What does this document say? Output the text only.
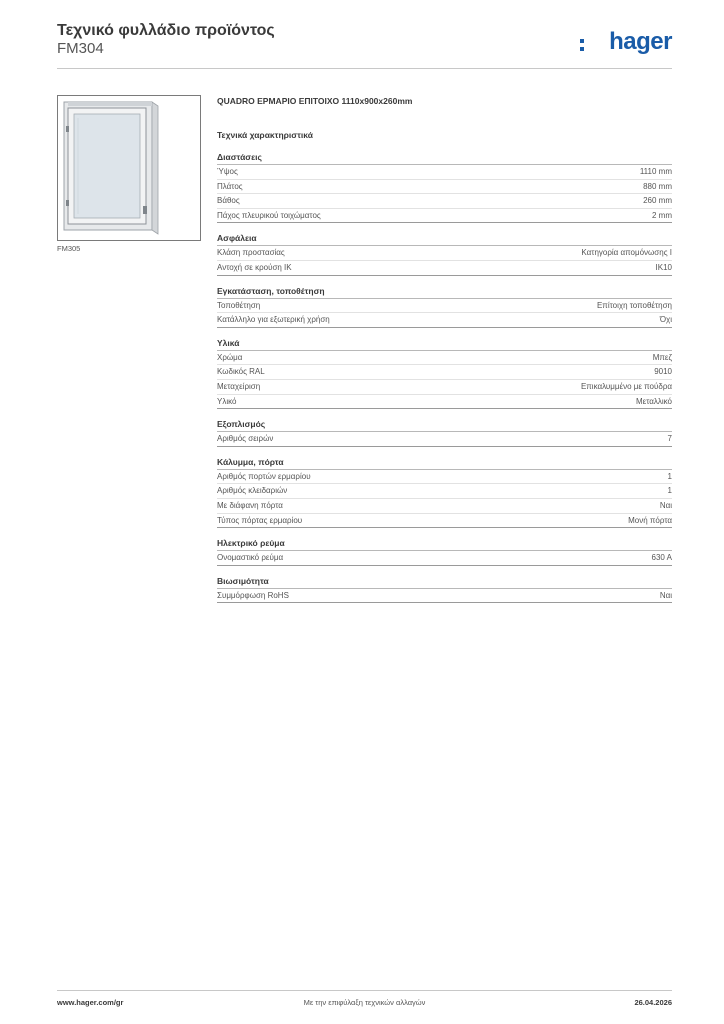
Τεχνικό φυλλάδιο προϊόντος
FM304	hager
FM305
QUADRO ΕΡΜΑΡΙΟ ΕΠΙΤΟΙΧΟ 1110x900x260mm
Τεχνικά χαρακτηριστικά
Διαστάσεις
Ύψος	1110 mm
Πλάτος	880 mm
Βάθος	260 mm
Πάχος πλευρικού τοιχώματος	2 mm
Ασφάλεια
Κλάση προστασίας	Κατηγορία απομόνωσης I
Αντοχή σε κρούση IK	IK10
Εγκατάσταση, τοποθέτηση
Τοποθέτηση	Επίτοιχη τοποθέτηση
Κατάλληλο για εξωτερική χρήση	Όχι
Υλικά
Χρώμα	Μπεζ
Κωδικός RAL	9010
Μεταχείριση	Επικαλυμμένο με πούδρα
Υλικό	Μεταλλικό
Εξοπλισμός
Αριθμός σειρών	7
Κάλυμμα, πόρτα
Αριθμός πορτών ερμαρίου	1
Αριθμός κλειδαριών	1
Με διάφανη πόρτα	Ναι
Τύπος πόρτας ερμαρίου	Μονή πόρτα
Ηλεκτρικό ρεύμα
Ονομαστικό ρεύμα	630 A
Βιωσιμότητα
Συμμόρφωση RoHS	Ναι
www.hager.com/gr	Με την επιφύλαξη τεχνικών αλλαγών	26.04.2026
